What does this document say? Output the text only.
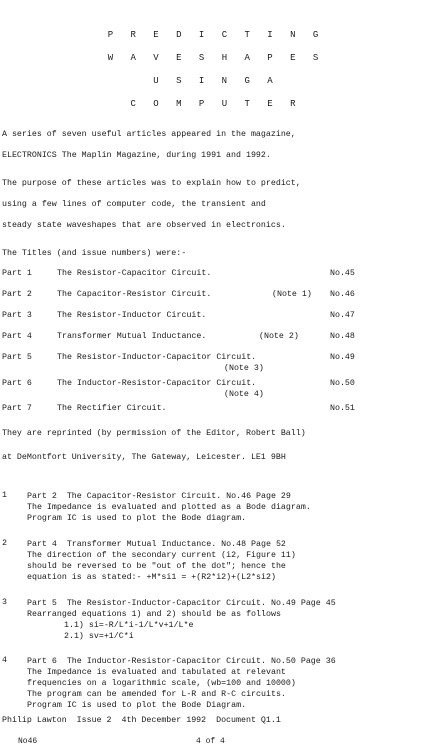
P R E D I C T I N G
W A V E S H A P E S
U S I N G A
C O M P U T E R
A series of seven useful articles appeared in the magazine,
ELECTRONICS The Maplin Magazine, during 1991 and 1992.
The purpose of these articles was to explain how to predict,
using a few lines of computer code, the transient and
steady state waveshapes that are observed in electronics.
The Titles (and issue numbers) were:-
Part 1	The Resistor-Capacitor Circuit.	No.45
Part 2	The Capacitor-Resistor Circuit.	(Note 1) No.46
Part 3	The Resistor-Inductor Circuit.	No.47
Part 4	Transformer Mutual Inductance.	(Note 2)	No.48
Part 5	The Resistor-Inductor-Capacitor Circuit.	No.49
(Note 3)
Part 6	The Inductor-Resistor-Capacitor Circuit.	No.50
(Note 4)
Part 7	The Rectifier Circuit.	No.51
They are reprinted (by permission of the Editor, Robert Ball)
at DeMontfort University, The Gateway, Leicester. LE1 9BH
1 Part 2  The Capacitor-Resistor Circuit. No.46 Page 29
The Impedance is evaluated and plotted as a Bode diagram.
Program IC is used to plot the Bode diagram.
2 Part 4  Transformer Mutual Inductance. No.48 Page 52
The direction of the secondary current (i2, Figure 11)
should be reversed to be "out of the dot"; hence the
equation is as stated:- +M*si1 = +(R2*i2)+(L2*si2)
3 Part 5  The Resistor-Inductor-Capacitor Circuit. No.49 Page 45
Rearranged equations 1) and 2) should be as follows
1.1) si=-R/L*i-1/L*v+1/L*e
2.1) sv=+1/C*i
4 Part 6  The Inductor-Resistor-Capacitor Circuit. No.50 Page 36
The Impedance is evaluated and tabulated at relevant
frequencies on a logarithmic scale, (wb=100 and 10000)
The program can be amended for L-R and R-C circuits.
Program IC is used to plot the Bode Diagram.
Philip Lawton  Issue 2  4th December 1992  Document Q1.1
No46	4 of 4
